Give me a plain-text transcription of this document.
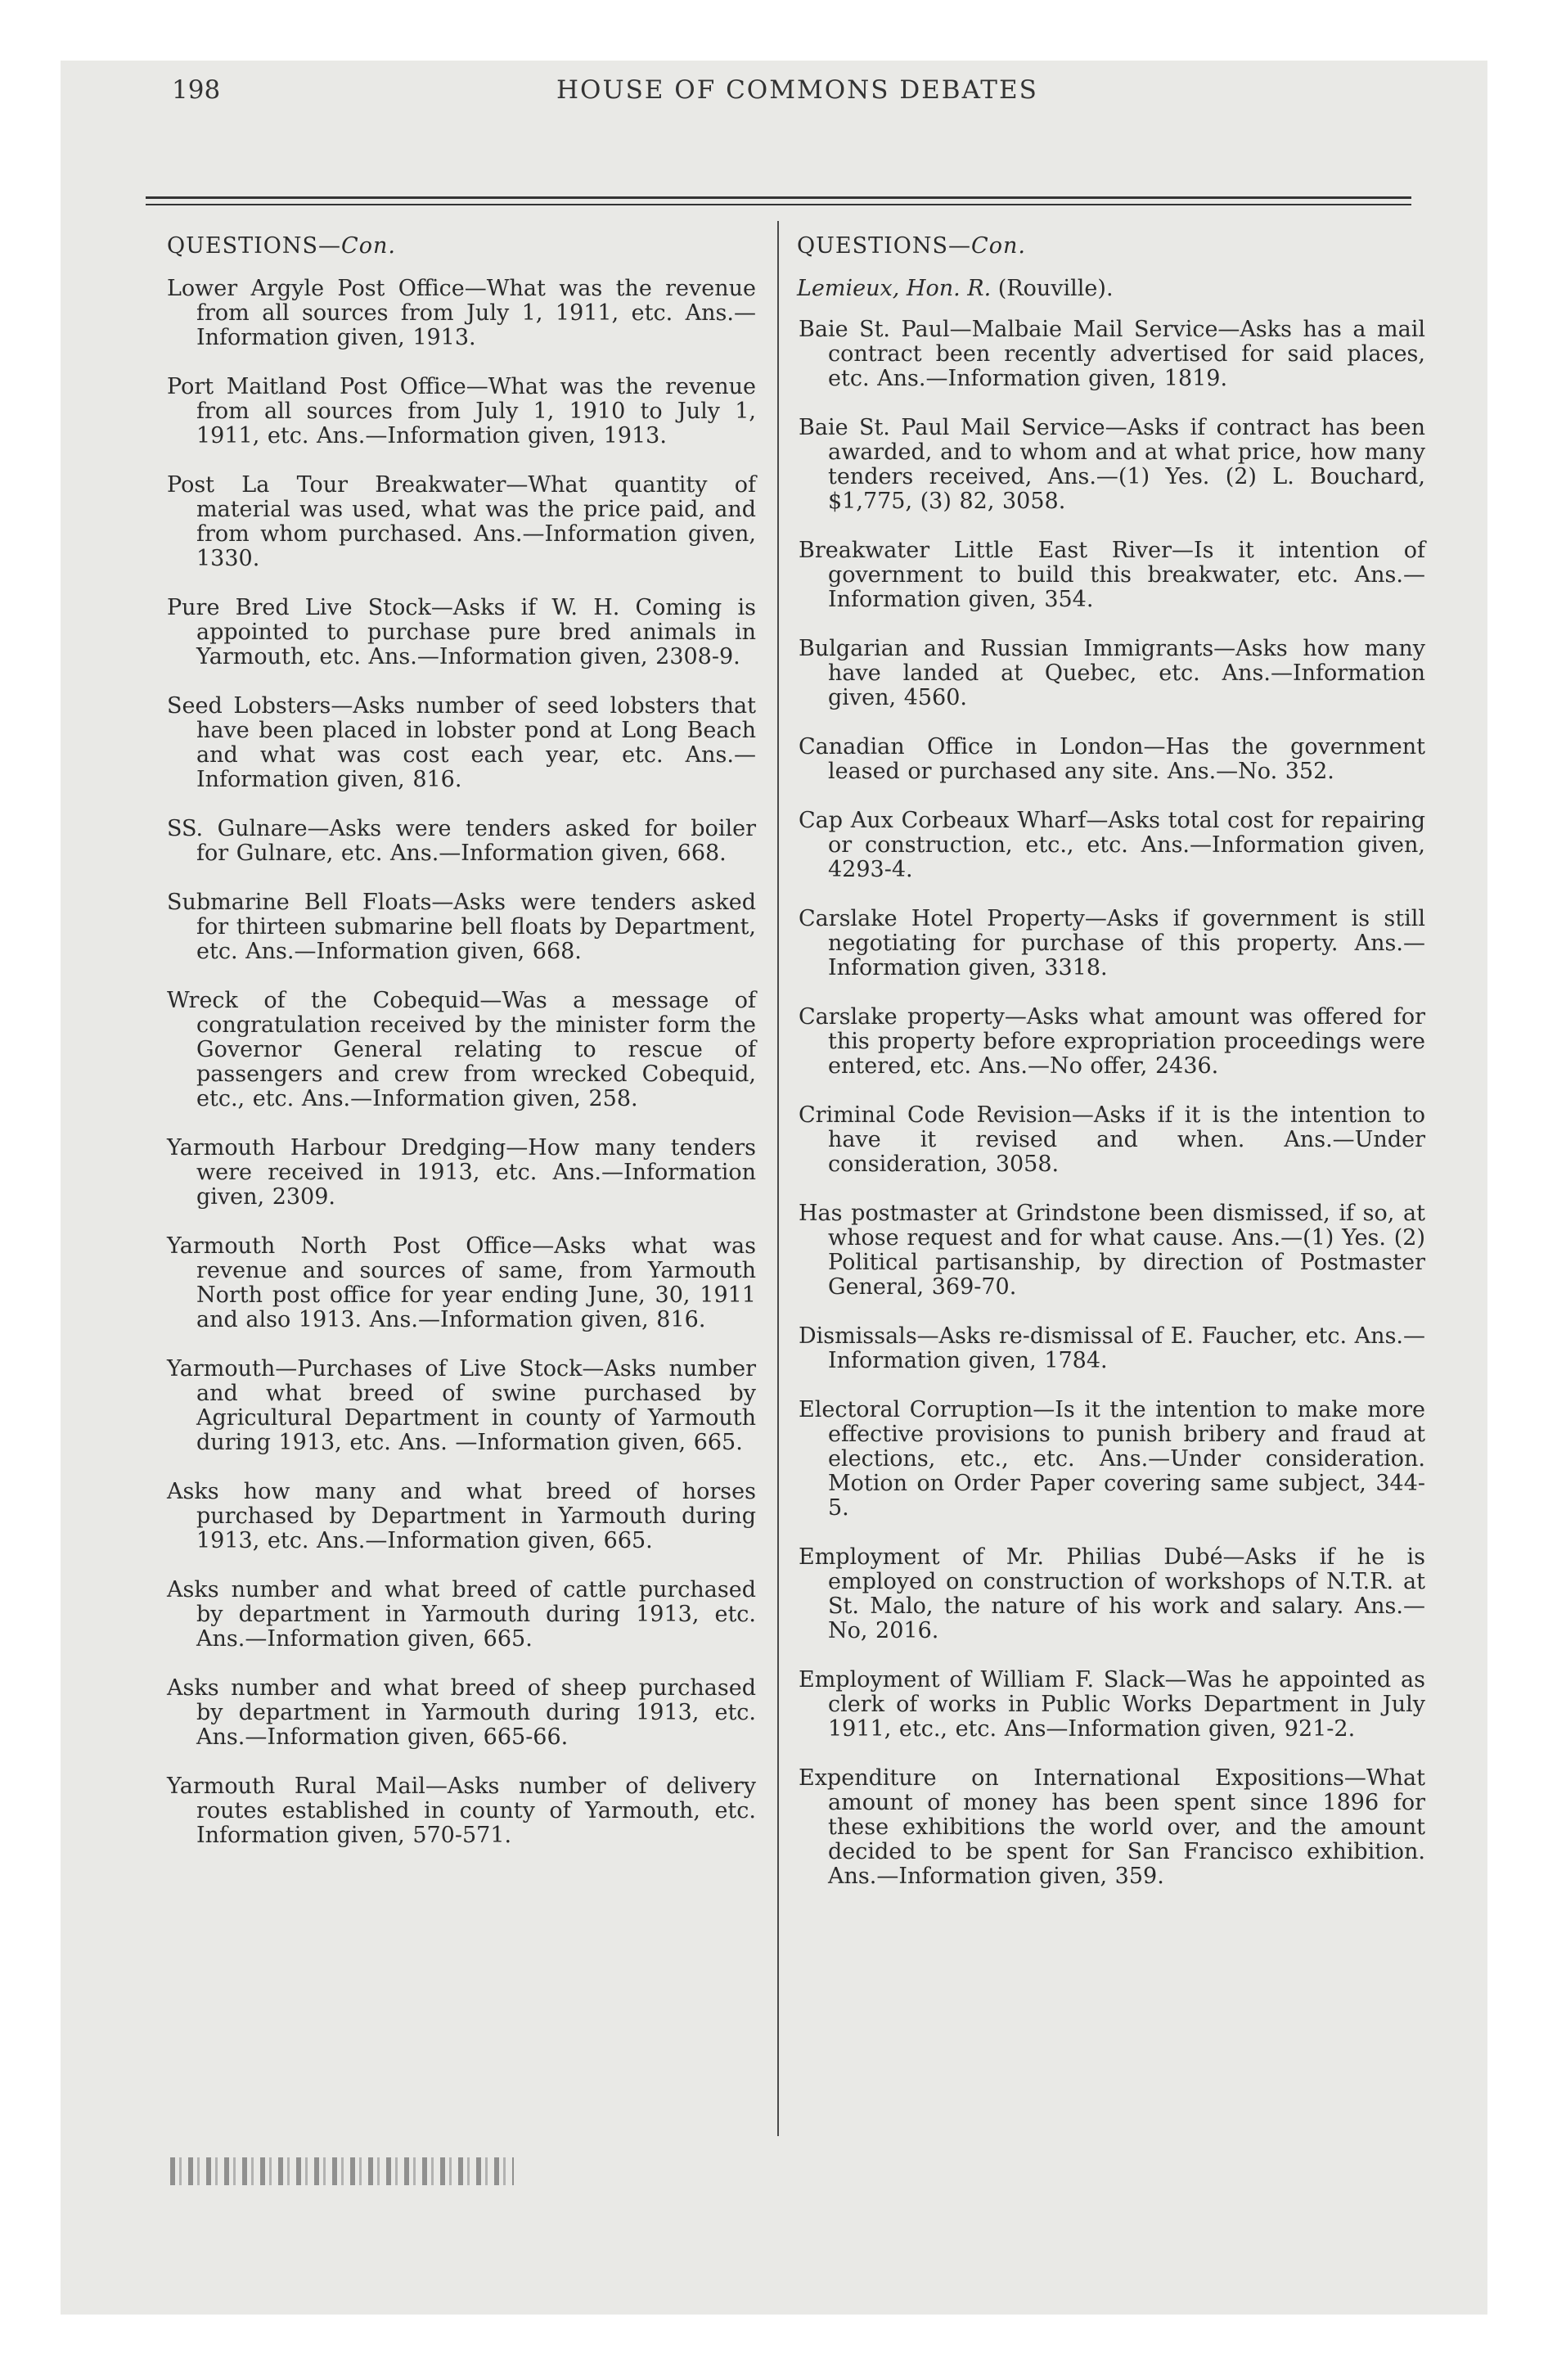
198	HOUSE OF COMMONS DEBATES

QUESTIONS—Con.

Lower Argyle Post Office—What was the revenue from all sources from July 1, 1911, etc. Ans.—Information given, 1913.

Port Maitland Post Office—What was the revenue from all sources from July 1, 1910 to July 1, 1911, etc. Ans.—Information given, 1913.

Post La Tour Breakwater—What quantity of material was used, what was the price paid, and from whom purchased. Ans.—Information given, 1330.

Pure Bred Live Stock—Asks if W. H. Coming is appointed to purchase pure bred animals in Yarmouth, etc. Ans.—Information given, 2308-9.

Seed Lobsters—Asks number of seed lobsters that have been placed in lobster pond at Long Beach and what was cost each year, etc. Ans.—Information given, 816.

SS. Gulnare—Asks were tenders asked for boiler for Gulnare, etc. Ans.—Information given, 668.

Submarine Bell Floats—Asks were tenders asked for thirteen submarine bell floats by Department, etc. Ans.—Information given, 668.

Wreck of the Cobequid—Was a message of congratulation received by the minister form the Governor General relating to rescue of passengers and crew from wrecked Cobequid, etc., etc. Ans.—Information given, 258.

Yarmouth Harbour Dredging—How many tenders were received in 1913, etc. Ans.—Information given, 2309.

Yarmouth North Post Office—Asks what was revenue and sources of same, from Yarmouth North post office for year ending June, 30, 1911 and also 1913. Ans.—Information given, 816.

Yarmouth—Purchases of Live Stock—Asks number and what breed of swine purchased by Agricultural Department in county of Yarmouth during 1913, etc. Ans. —Information given, 665.

Asks how many and what breed of horses purchased by Department in Yarmouth during 1913, etc. Ans.—Information given, 665.

Asks number and what breed of cattle purchased by department in Yarmouth during 1913, etc. Ans.—Information given, 665.

Asks number and what breed of sheep purchased by department in Yarmouth during 1913, etc. Ans.—Information given, 665-66.

Yarmouth Rural Mail—Asks number of delivery routes established in county of Yarmouth, etc. Information given, 570-571.

QUESTIONS—Con.

Lemieux, Hon. R. (Rouville).

Baie St. Paul—Malbaie Mail Service—Asks has a mail contract been recently advertised for said places, etc. Ans.—Information given, 1819.

Baie St. Paul Mail Service—Asks if contract has been awarded, and to whom and at what price, how many tenders received, Ans.—(1) Yes. (2) L. Bouchard, $1,775, (3) 82, 3058.

Breakwater Little East River—Is it intention of government to build this breakwater, etc. Ans.—Information given, 354.

Bulgarian and Russian Immigrants—Asks how many have landed at Quebec, etc. Ans.—Information given, 4560.

Canadian Office in London—Has the government leased or purchased any site. Ans.—No. 352.

Cap Aux Corbeaux Wharf—Asks total cost for repairing or construction, etc., etc. Ans.—Information given, 4293-4.

Carslake Hotel Property—Asks if government is still negotiating for purchase of this property. Ans.—Information given, 3318.

Carslake property—Asks what amount was offered for this property before expropriation proceedings were entered, etc. Ans.—No offer, 2436.

Criminal Code Revision—Asks if it is the intention to have it revised and when. Ans.—Under consideration, 3058.

Has postmaster at Grindstone been dismissed, if so, at whose request and for what cause. Ans.—(1) Yes. (2) Political partisanship, by direction of Postmaster General, 369-70.

Dismissals—Asks re-dismissal of E. Faucher, etc. Ans.—Information given, 1784.

Electoral Corruption—Is it the intention to make more effective provisions to punish bribery and fraud at elections, etc., etc. Ans.—Under consideration. Motion on Order Paper covering same subject, 344-5.

Employment of Mr. Philias Dubé—Asks if he is employed on construction of workshops of N.T.R. at St. Malo, the nature of his work and salary. Ans.—No, 2016.

Employment of William F. Slack—Was he appointed as clerk of works in Public Works Department in July 1911, etc., etc. Ans—Information given, 921-2.

Expenditure on International Expositions—What amount of money has been spent since 1896 for these exhibitions the world over, and the amount decided to be spent for San Francisco exhibition. Ans.—Information given, 359.
